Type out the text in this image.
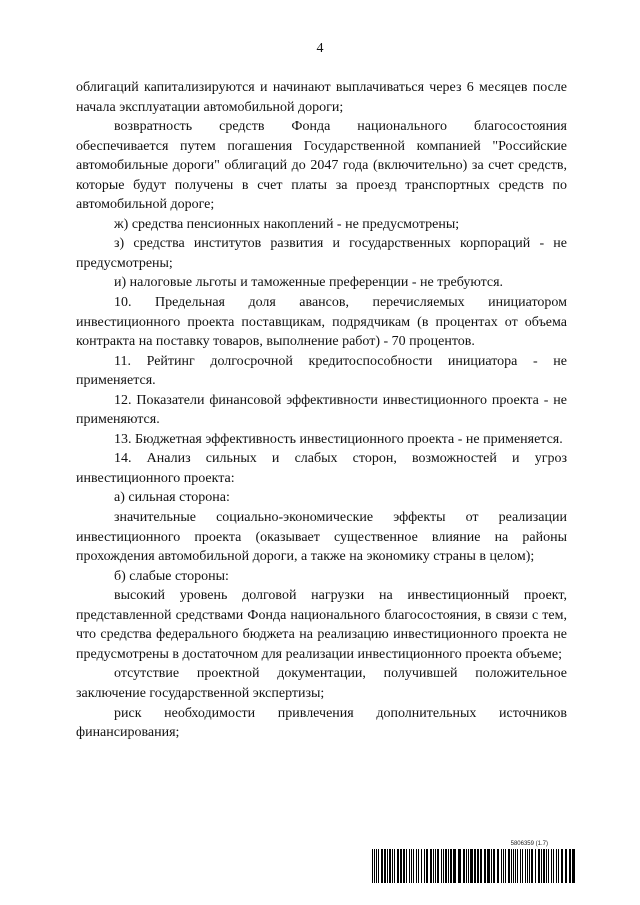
4

облигаций капитализируются и начинают выплачиваться через 6 месяцев после начала эксплуатации автомобильной дороги;

возвратность средств Фонда национального благосостояния обеспечивается путем погашения Государственной компанией "Российские автомобильные дороги" облигаций до 2047 года (включительно) за счет средств, которые будут получены в счет платы за проезд транспортных средств по автомобильной дороге;

ж) средства пенсионных накоплений - не предусмотрены;

з) средства институтов развития и государственных корпораций - не предусмотрены;

и) налоговые льготы и таможенные преференции - не требуются.

10. Предельная доля авансов, перечисляемых инициатором инвестиционного проекта поставщикам, подрядчикам (в процентах от объема контракта на поставку товаров, выполнение работ) - 70 процентов.

11. Рейтинг долгосрочной кредитоспособности инициатора - не применяется.

12. Показатели финансовой эффективности инвестиционного проекта - не применяются.

13. Бюджетная эффективность инвестиционного проекта - не применяется.

14. Анализ сильных и слабых сторон, возможностей и угроз инвестиционного проекта:

а) сильная сторона:

значительные социально-экономические эффекты от реализации инвестиционного проекта (оказывает существенное влияние на районы прохождения автомобильной дороги, а также на экономику страны в целом);

б) слабые стороны:

высокий уровень долговой нагрузки на инвестиционный проект, представленной средствами Фонда национального благосостояния, в связи с тем, что средства федерального бюджета на реализацию инвестиционного проекта не предусмотрены в достаточном для реализации инвестиционного проекта объеме;

отсутствие проектной документации, получившей положительное заключение государственной экспертизы;

риск необходимости привлечения дополнительных источников финансирования;

5806359 (1.7)
